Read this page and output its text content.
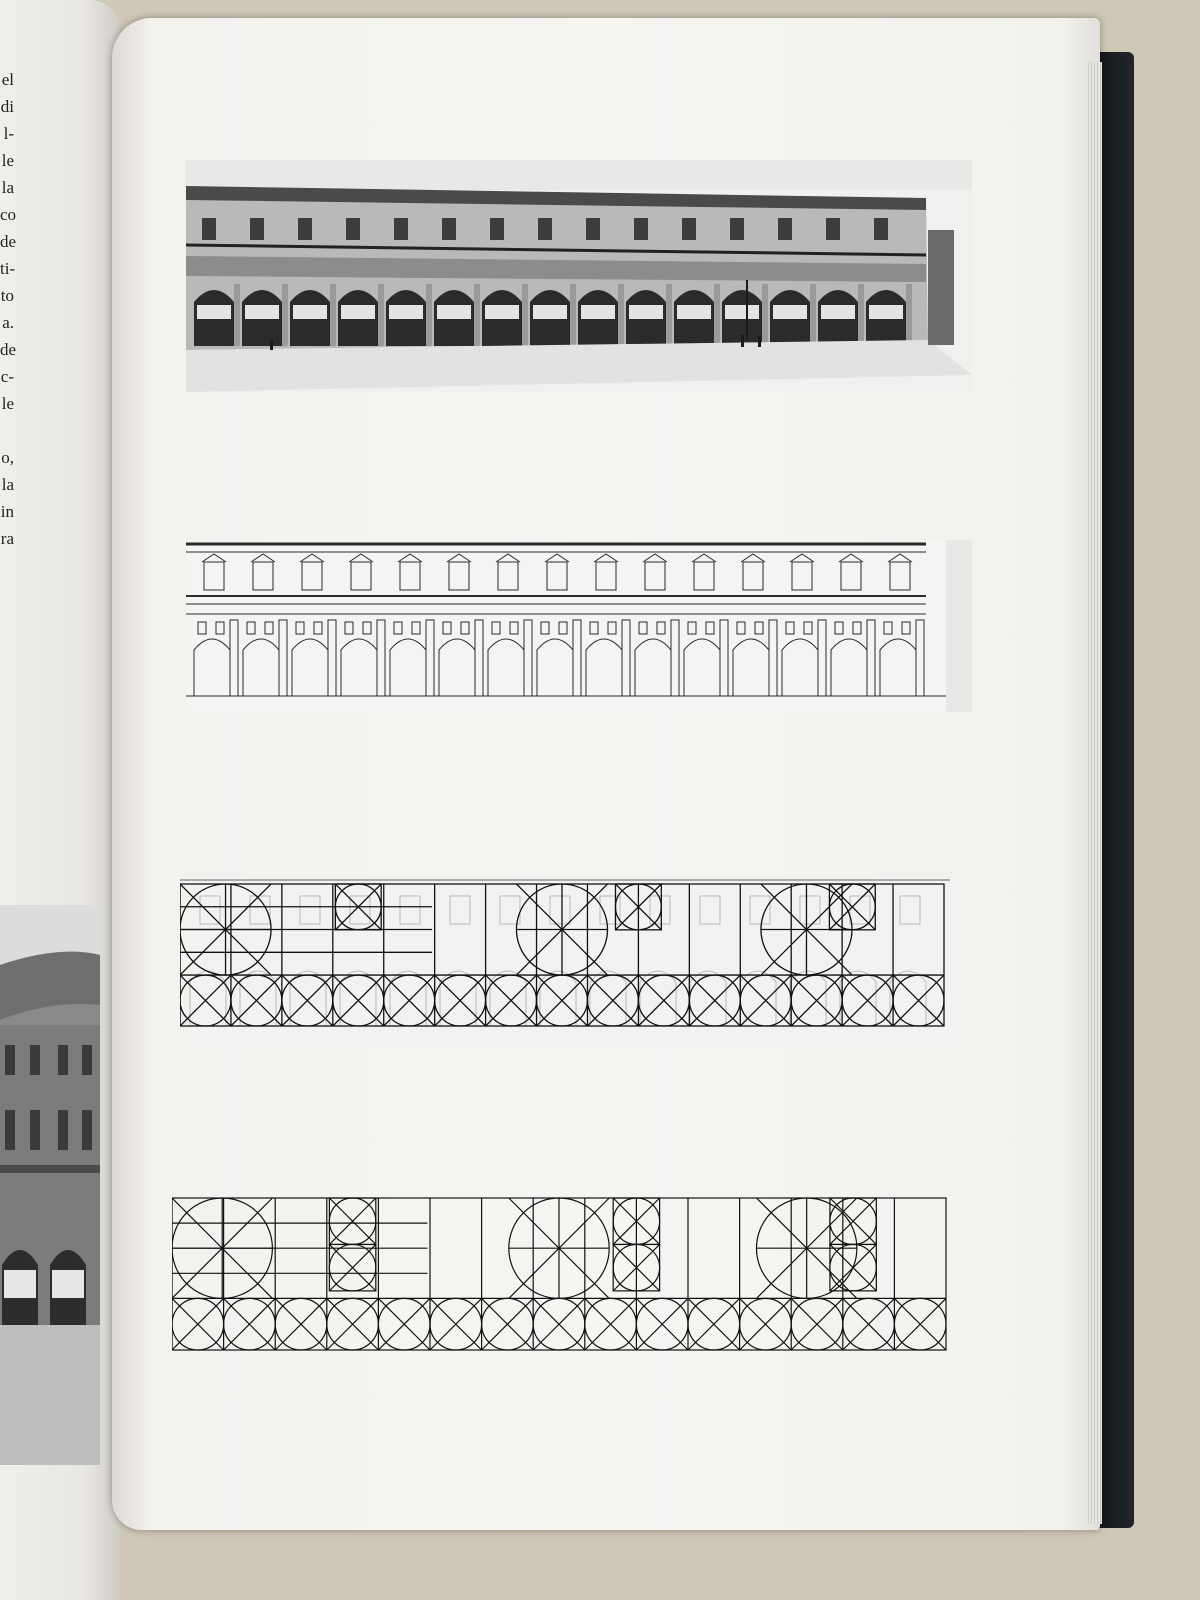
el
di
l-
le
la
co
de
ti-
to
a.
de
c-
le

o,
la
in
ra
